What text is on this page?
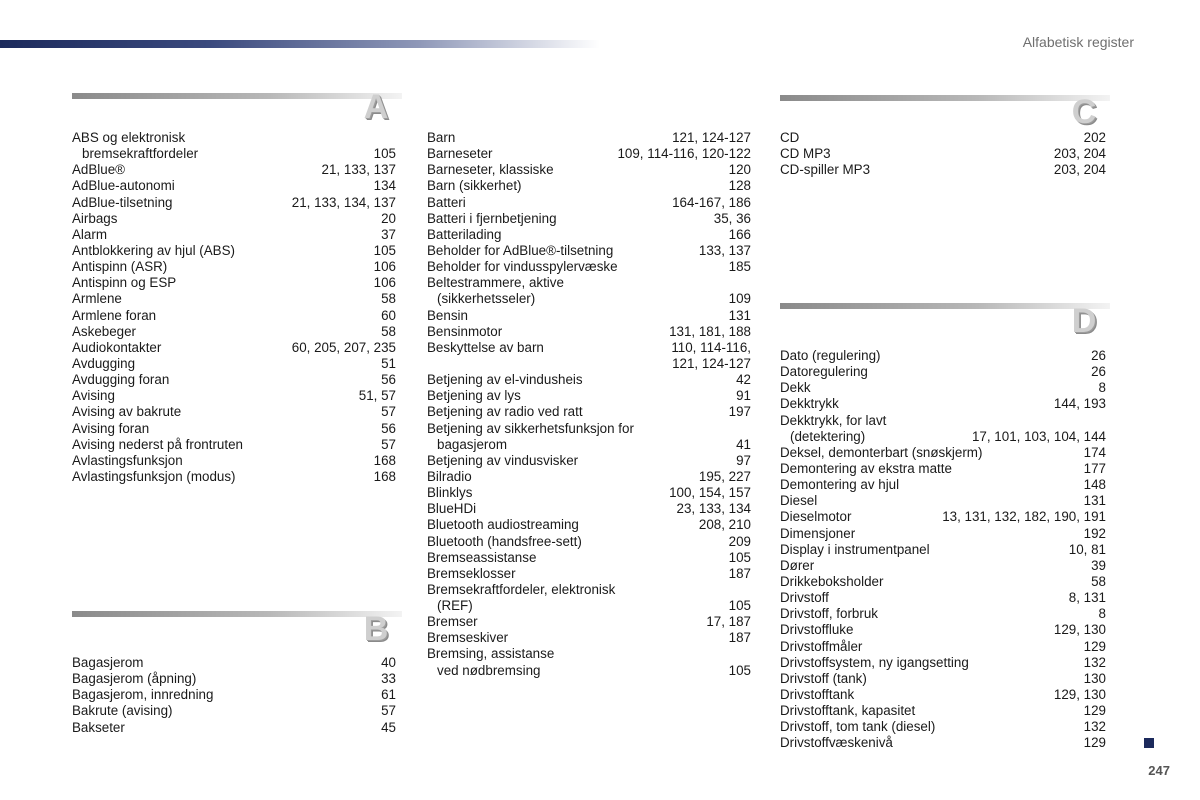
Alfabetisk register
A
B
C
D
ABS og elektronisk
bremsekraftfordeler	105
AdBlue®	21, 133, 137
AdBlue-autonomi	134
AdBlue-tilsetning	21, 133, 134, 137
Airbags	20
Alarm	37
Antblokkering av hjul (ABS)	105
Antispinn (ASR)	106
Antispinn og ESP	106
Armlene	58
Armlene foran	60
Askebeger	58
Audiokontakter	60, 205, 207, 235
Avdugging	51
Avdugging foran	56
Avising	51, 57
Avising av bakrute	57
Avising foran	56
Avising nederst på frontruten	57
Avlastingsfunksjon	168
Avlastingsfunksjon (modus)	168
Bagasjerom	40
Bagasjerom (åpning)	33
Bagasjerom, innredning	61
Bakrute (avising)	57
Bakseter	45
Barn	121, 124-127
Barneseter	109, 114-116, 120-122
Barneseter, klassiske	120
Barn (sikkerhet)	128
Batteri	164-167, 186
Batteri i fjernbetjening	35, 36
Batterilading	166
Beholder for AdBlue®-tilsetning	133, 137
Beholder for vindusspylervæske	185
Beltestrammere, aktive
(sikkerhetsseler)	109
Bensin	131
Bensinmotor	131, 181, 188
Beskyttelse av barn	110, 114-116,
121, 124-127
Betjening av el-vindusheis	42
Betjening av lys	91
Betjening av radio ved ratt	197
Betjening av sikkerhetsfunksjon for
bagasjerom	41
Betjening av vindusvisker	97
Bilradio	195, 227
Blinklys	100, 154, 157
BlueHDi	23, 133, 134
Bluetooth audiostreaming	208, 210
Bluetooth (handsfree-sett)	209
Bremseassistanse	105
Bremseklosser	187
Bremsekraftfordeler, elektronisk
(REF)	105
Bremser	17, 187
Bremseskiver	187
Bremsing, assistanse
ved nødbremsing	105
CD	202
CD MP3	203, 204
CD-spiller MP3	203, 204
Dato (regulering)	26
Datoregulering	26
Dekk	8
Dekktrykk	144, 193
Dekktrykk, for lavt
(detektering)	17, 101, 103, 104, 144
Deksel, demonterbart (snøskjerm)	174
Demontering av ekstra matte	177
Demontering av hjul	148
Diesel	131
Dieselmotor	13, 131, 132, 182, 190, 191
Dimensjoner	192
Display i instrumentpanel	10, 81
Dører	39
Drikkeboksholder	58
Drivstoff	8, 131
Drivstoff, forbruk	8
Drivstoffluke	129, 130
Drivstoffmåler	129
Drivstoffsystem, ny igangsetting	132
Drivstoff (tank)	130
Drivstofftank	129, 130
Drivstofftank, kapasitet	129
Drivstoff, tom tank (diesel)	132
Drivstoffvæskenivå	129
247
